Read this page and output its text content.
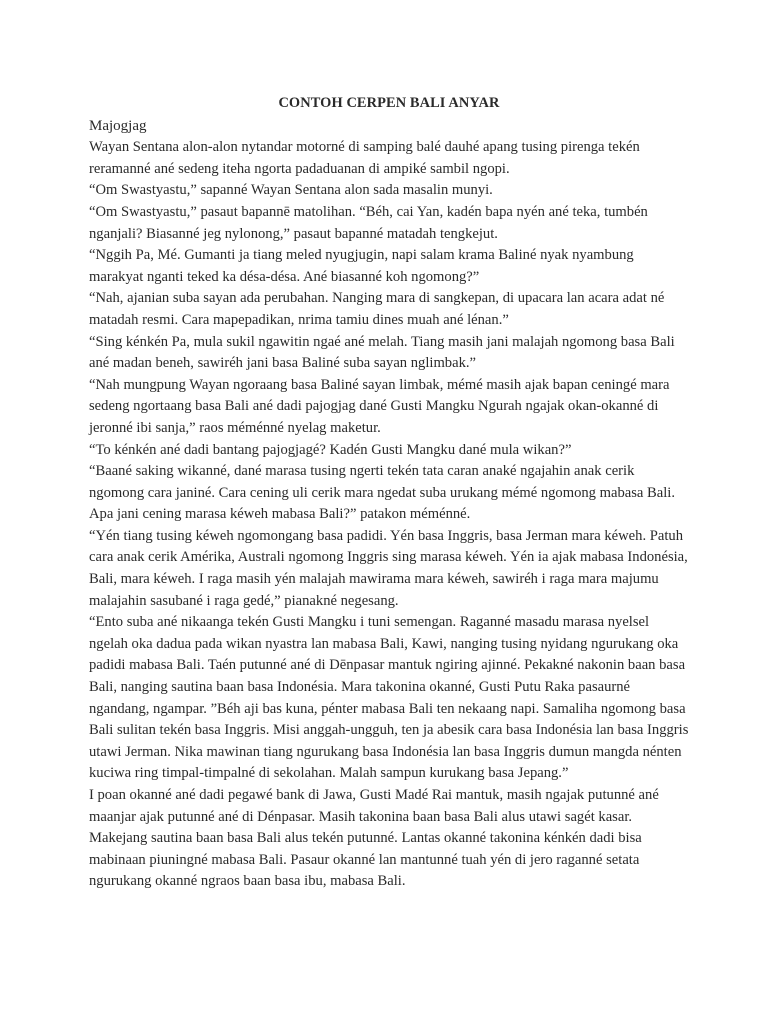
CONTOH CERPEN BALI ANYAR
Majogjag

Wayan Sentana alon-alon nytandar motorné di samping balé dauhé apang tusing pirenga tekén reramanné ané sedeng iteha ngorta padaduanan di ampiké sambil ngopi.

“Om Swastyastu,” sapanné Wayan Sentana alon sada masalin munyi.

“Om Swastyastu,” pasaut bapannē matolihan. “Béh, cai Yan, kadén bapa nyén ané teka, tumbén nganjali? Biasanné jeg nylonong,” pasaut bapanné matadah tengkejut.

“Nggih Pa, Mé. Gumanti ja tiang meled nyugjugin, napi salam krama Baliné nyak nyambung marakyat nganti teked ka désa-désa. Ané biasanné koh ngomong?”

“Nah, ajanian suba sayan ada perubahan. Nanging mara di sangkepan, di upacara lan acara adat né matadah resmi. Cara mapepadikan, nrima tamiu dines muah ané lénan.”

“Sing kénkén Pa, mula sukil ngawitin ngaé ané melah. Tiang masih jani malajah ngomong basa Bali ané madan beneh, sawiréh jani basa Baliné suba sayan nglimbak.”

“Nah mungpung Wayan ngoraang basa Baliné sayan limbak, mémé masih ajak bapan ceningé mara sedeng ngortaang basa Bali ané dadi pajogjag dané Gusti Mangku Ngurah ngajak okan-okanné di jeronné ibi sanja,” raos méménné nyelag maketur.

“To kénkén ané dadi bantang pajogjagé? Kadén Gusti Mangku dané mula wikan?”

“Baané saking wikanné, dané marasa tusing ngerti tekén tata caran anaké ngajahin anak cerik ngomong cara janiné. Cara cening uli cerik mara ngedat suba urukang mémé ngomong mabasa Bali. Apa jani cening marasa kéweh mabasa Bali?” patakon méménné.

“Yén tiang tusing kéweh ngomongang basa padidi. Yén basa Inggris, basa Jerman mara kéweh. Patuh cara anak cerik Amérika, Australi ngomong Inggris sing marasa kéweh. Yén ia ajak mabasa Indonésia, Bali, mara kéweh. I raga masih yén malajah mawirama mara kéweh, sawiréh i raga mara majumu malajahin sasubané i raga gedé,” pianakné negesang.

“Ento suba ané nikaanga tekén Gusti Mangku i tuni semengan. Raganné masadu marasa nyelsel ngelah oka dadua pada wikan nyastra lan mabasa Bali, Kawi, nanging tusing nyidang ngurukang oka padidi mabasa Bali. Taén putunné ané di Dēnpasar mantuk ngiring ajinné. Pekakné nakonin baan basa Bali, nanging sautina baan basa Indonésia. Mara takonina okanné, Gusti Putu Raka pasaurné ngandang, ngampar. ”Béh aji bas kuna, pénter mabasa Bali ten nekaang napi. Samaliha ngomong basa Bali sulitan tekén basa Inggris. Misi anggah-ungguh, ten ja abesik cara basa Indonésia lan basa Inggris utawi Jerman. Nika mawinan tiang ngurukang basa Indonésia lan basa Inggris dumun mangda nénten kuciwa ring timpal-timpalné di sekolahan. Malah sampun kurukang basa Jepang.”

I poan okanné ané dadi pegawé bank di Jawa, Gusti Madé Rai mantuk, masih ngajak putunné ané maanjar ajak putunné ané di Dénpasar. Masih takonina baan basa Bali alus utawi sagét kasar. Makejang sautina baan basa Bali alus tekén putunné. Lantas okanné takonina kénkén dadi bisa mabinaan piuningné mabasa Bali. Pasaur okanné lan mantunné tuah yén di jero raganné setata ngurukang okanné ngraos baan basa ibu, mabasa Bali.
